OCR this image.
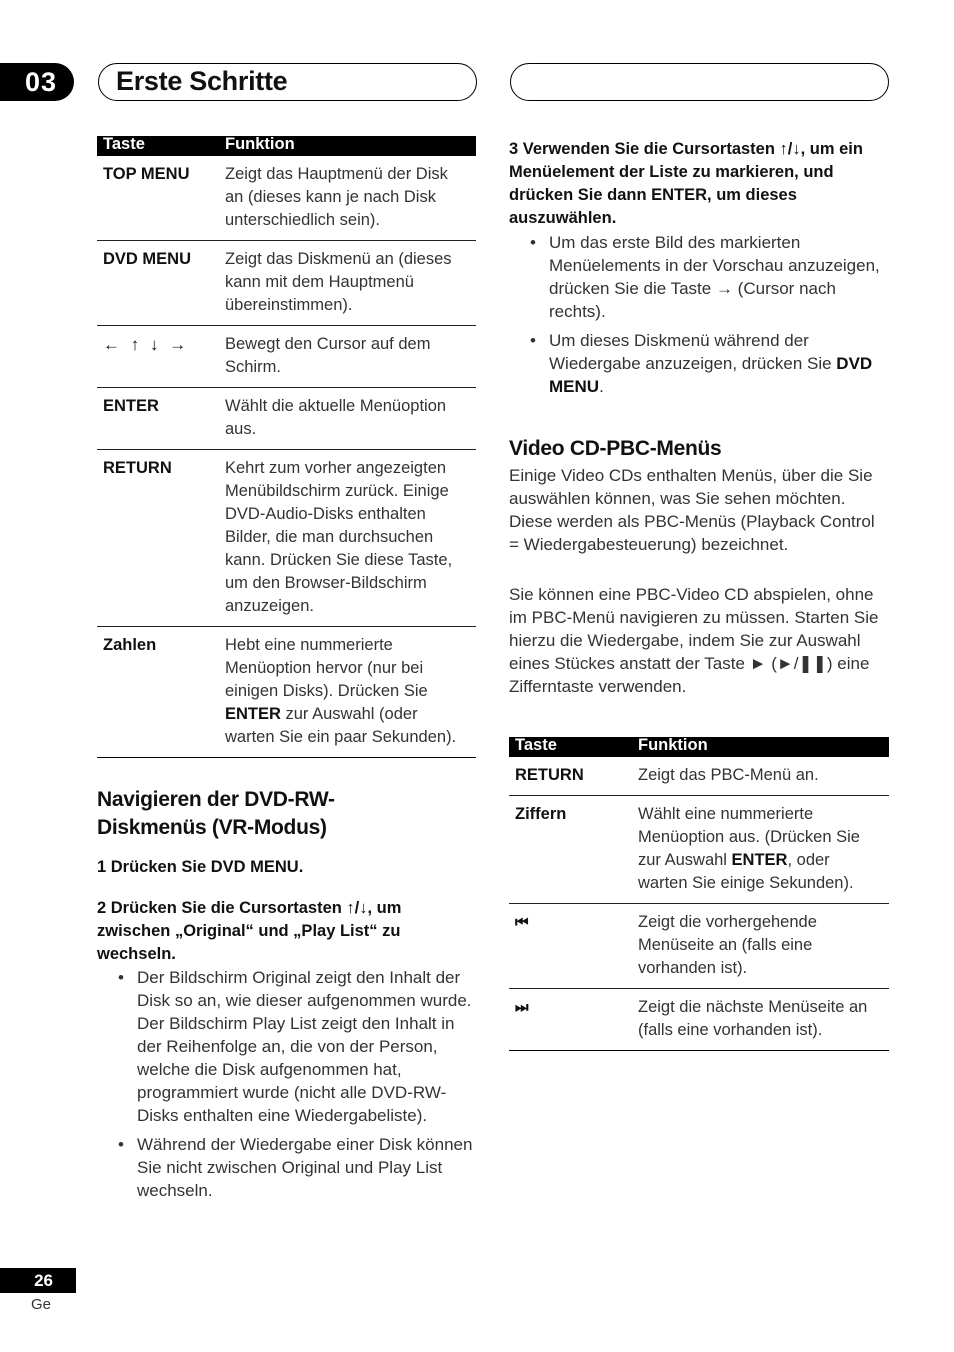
03	Erste Schritte
Taste	Funktion
TOP MENU	Zeigt das Hauptmenü der Disk an (dieses kann je nach Disk unterschiedlich sein).
DVD MENU	Zeigt das Diskmenü an (dieses kann mit dem Hauptmenü übereinstimmen).
← ↑ ↓ →	Bewegt den Cursor auf dem Schirm.
ENTER	Wählt die aktuelle Menüoption aus.
RETURN	Kehrt zum vorher angezeigten Menübildschirm zurück. Einige DVD-Audio-Disks enthalten Bilder, die man durchsuchen kann. Drücken Sie diese Taste, um den Browser-Bildschirm anzuzeigen.
Zahlen	Hebt eine nummerierte Menüoption hervor (nur bei einigen Disks). Drücken Sie ENTER zur Auswahl (oder warten Sie ein paar Sekunden).
Navigieren der DVD-RW-Diskmenüs (VR-Modus)
1 Drücken Sie DVD MENU.
2 Drücken Sie die Cursortasten ↑/↓, um zwischen „Original“ und „Play List“ zu wechseln.
• Der Bildschirm Original zeigt den Inhalt der Disk so an, wie dieser aufgenommen wurde. Der Bildschirm Play List zeigt den Inhalt in der Reihenfolge an, die von der Person, welche die Disk aufgenommen hat, programmiert wurde (nicht alle DVD-RW-Disks enthalten eine Wiedergabeliste).
• Während der Wiedergabe einer Disk können Sie nicht zwischen Original und Play List wechseln.
3 Verwenden Sie die Cursortasten ↑/↓, um ein Menüelement der Liste zu markieren, und drücken Sie dann ENTER, um dieses auszuwählen.
• Um das erste Bild des markierten Menüelements in der Vorschau anzuzeigen, drücken Sie die Taste → (Cursor nach rechts).
• Um dieses Diskmenü während der Wiedergabe anzuzeigen, drücken Sie DVD MENU.
Video CD-PBC-Menüs
Einige Video CDs enthalten Menüs, über die Sie auswählen können, was Sie sehen möchten. Diese werden als PBC-Menüs (Playback Control = Wiedergabesteuerung) bezeichnet.
Sie können eine PBC-Video CD abspielen, ohne im PBC-Menü navigieren zu müssen. Starten Sie hierzu die Wiedergabe, indem Sie zur Auswahl eines Stückes anstatt der Taste ► (►/❚❚) eine Zifferntaste verwenden.
Taste	Funktion
RETURN	Zeigt das PBC-Menü an.
Ziffern	Wählt eine nummerierte Menüoption aus. (Drücken Sie zur Auswahl ENTER, oder warten Sie einige Sekunden).
⏮	Zeigt die vorhergehende Menüseite an (falls eine vorhanden ist).
⏭	Zeigt die nächste Menüseite an (falls eine vorhanden ist).
26
Ge
